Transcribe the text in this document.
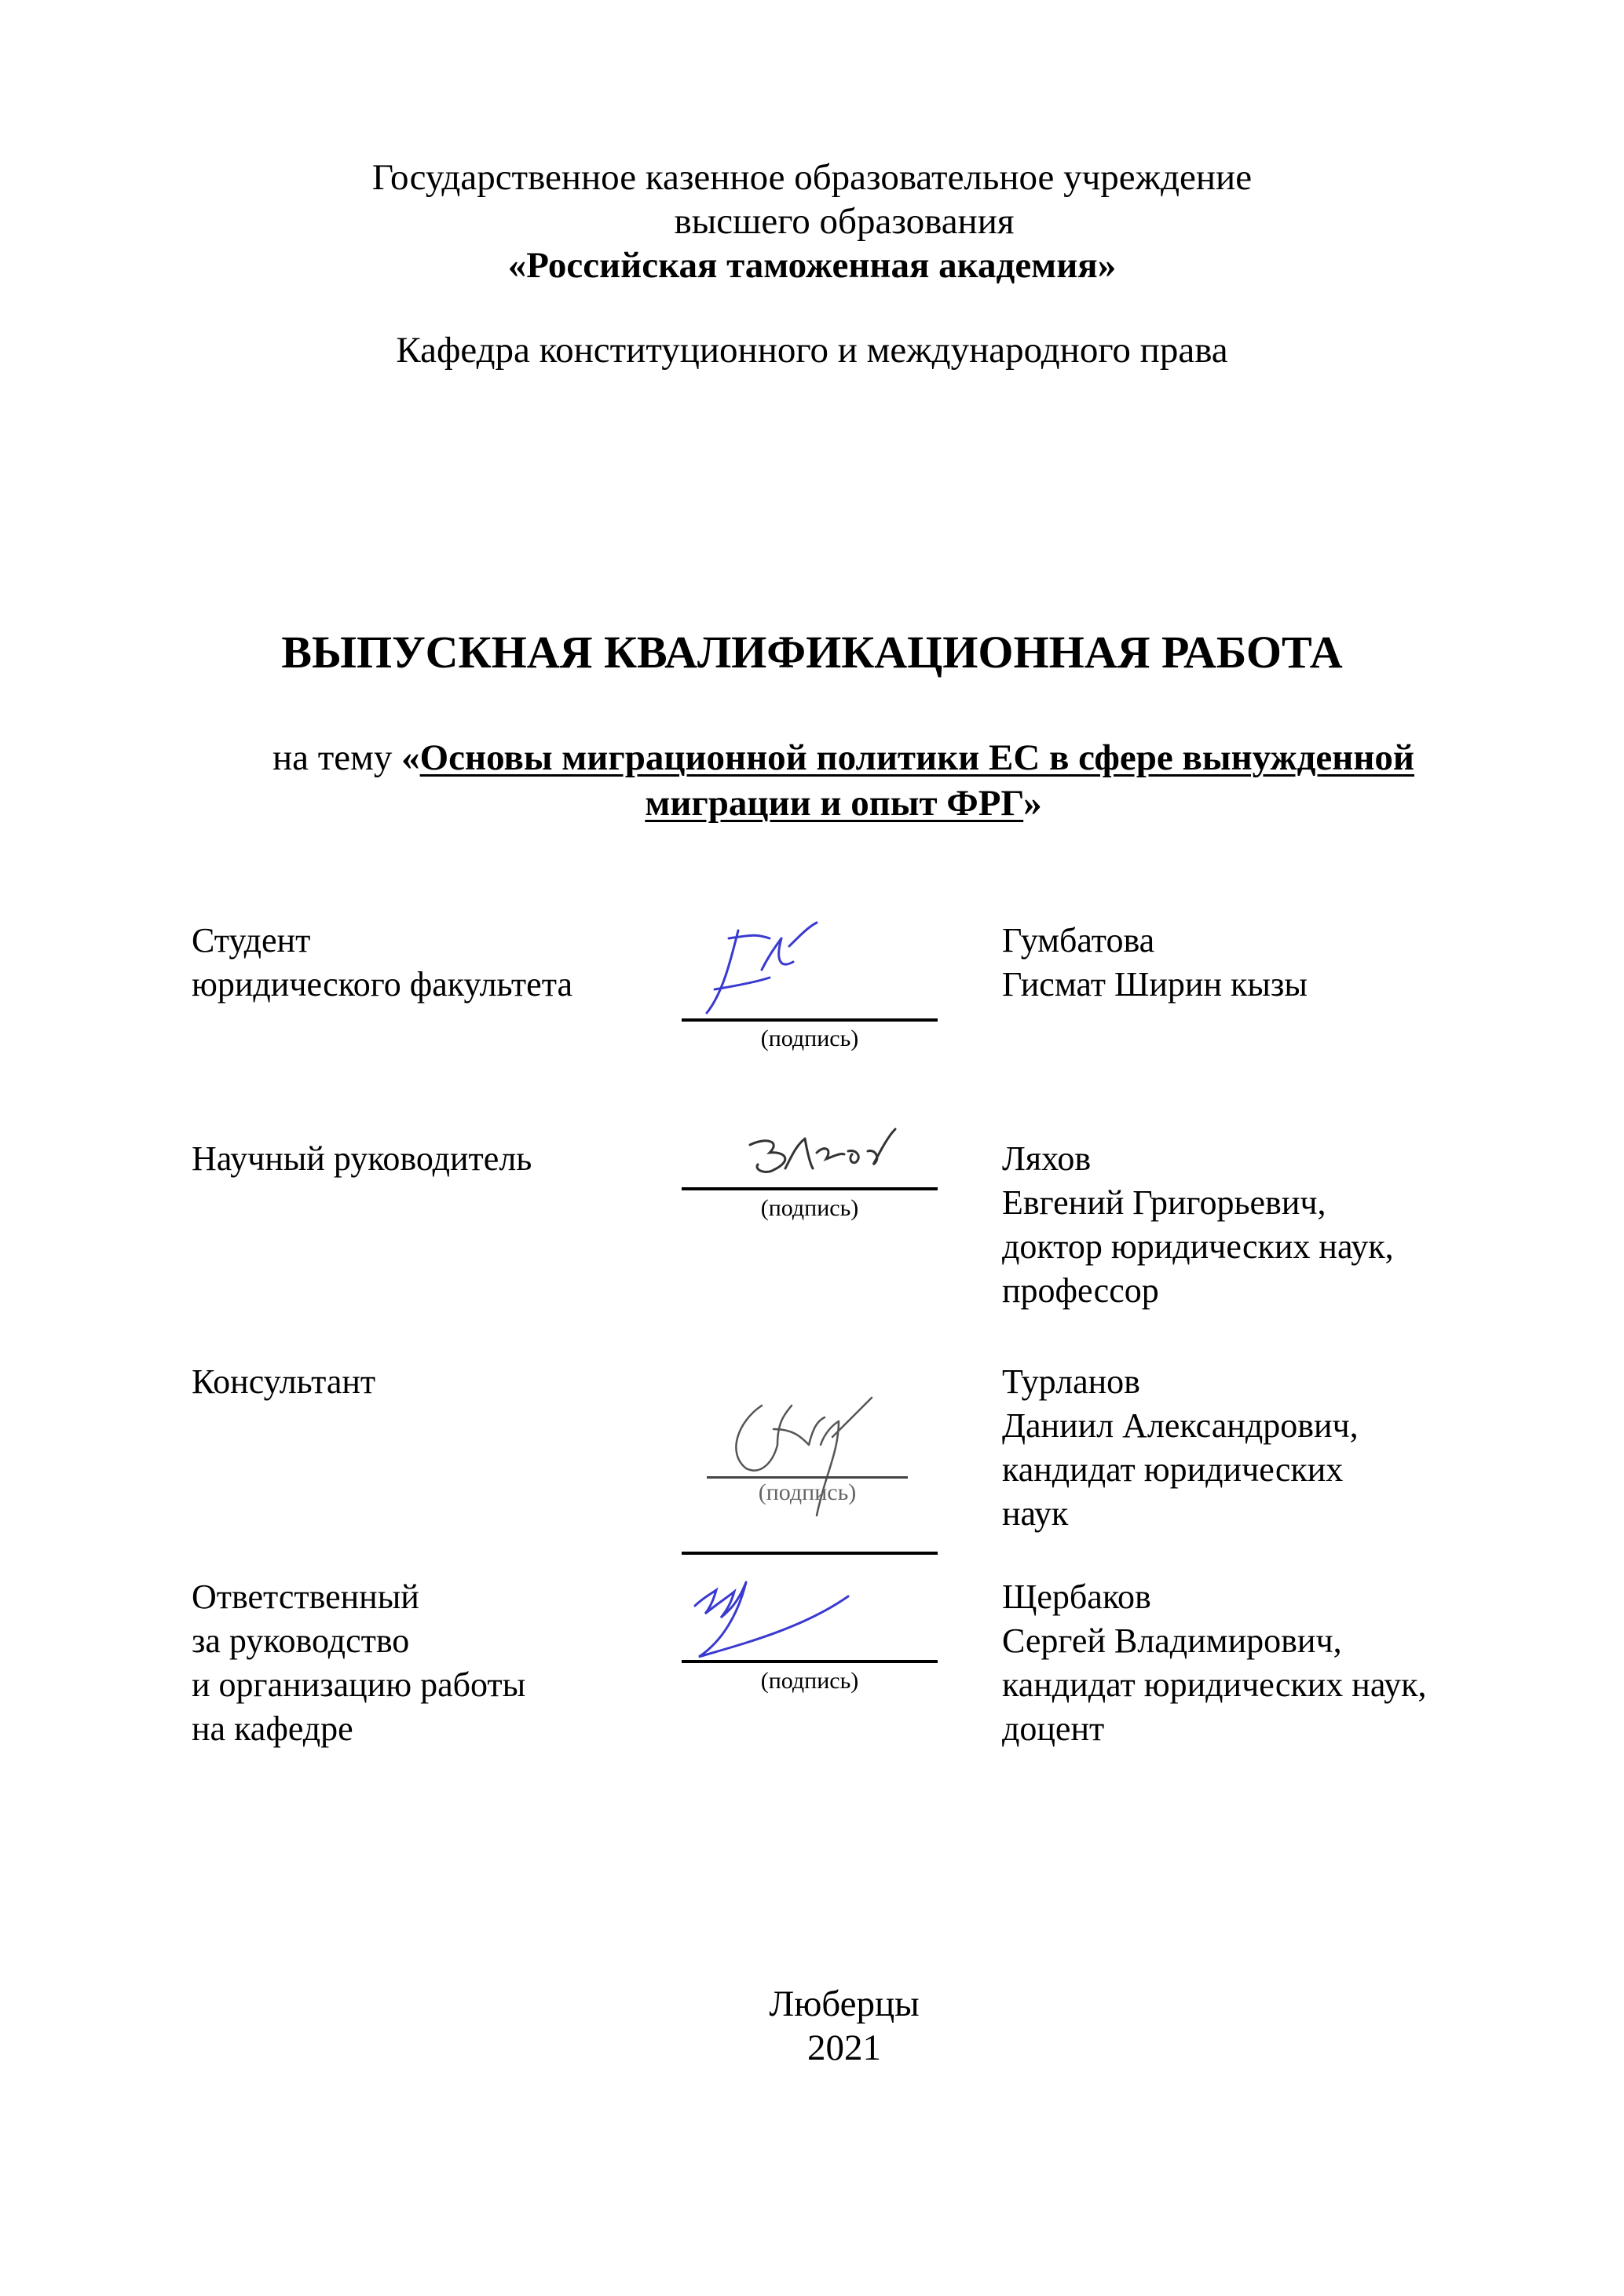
Государственное казенное образовательное учреждение
высшего образования
«Российская таможенная академия»
Кафедра конституционного и международного права
ВЫПУСКНАЯ КВАЛИФИКАЦИОННАЯ РАБОТА
на тему «Основы миграционной политики ЕС в сфере вынужденной
миграции и опыт ФРГ»
Студент
юридического факультета
(подпись)
Гумбатова
Гисмат Ширин кызы
Научный руководитель
(подпись)
Ляхов
Евгений Григорьевич,
доктор юридических наук,
профессор
Консультант
(подпись)
Турланов
Даниил Александрович,
кандидат юридических
наук
Ответственный
за руководство
и организацию работы
на кафедре
(подпись)
Щербаков
Сергей Владимирович,
кандидат юридических наук,
доцент
Люберцы
2021
